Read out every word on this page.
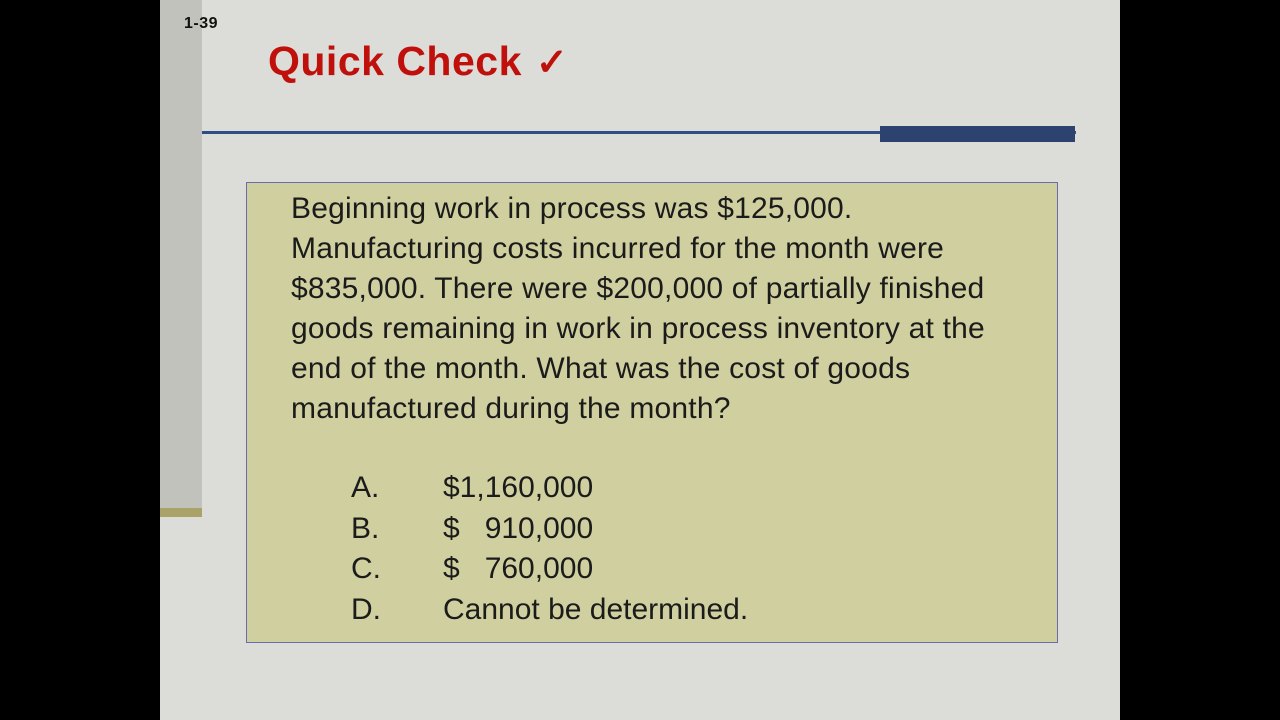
1-39
Quick Check ✓
Beginning work in process was $125,000. Manufacturing costs incurred for the month were $835,000. There were $200,000 of partially finished goods remaining in work in process inventory at the end of the month. What was the cost of goods manufactured during the month?
A.	$1,160,000
B.	$   910,000
C.	$   760,000
D.	Cannot be determined.
